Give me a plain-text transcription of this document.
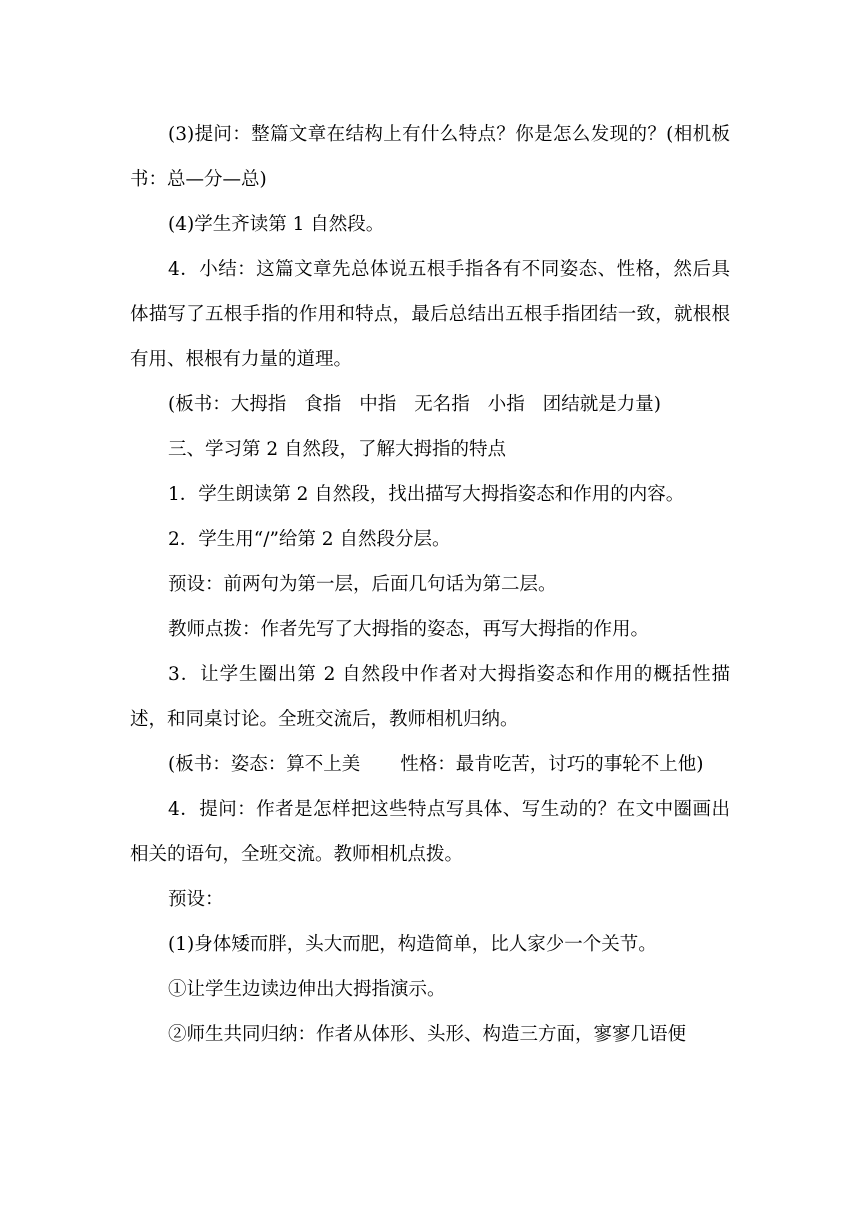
(3)提问：整篇文章在结构上有什么特点？你是怎么发现的？(相机板书：总—分—总)

(4)学生齐读第 1 自然段。

4．小结：这篇文章先总体说五根手指各有不同姿态、性格，然后具体描写了五根手指的作用和特点，最后总结出五根手指团结一致，就根根有用、根根有力量的道理。

(板书：大拇指 食指 中指 无名指 小指 团结就是力量)

三、学习第 2 自然段，了解大拇指的特点

1．学生朗读第 2 自然段，找出描写大拇指姿态和作用的内容。

2．学生用“/”给第 2 自然段分层。

预设：前两句为第一层，后面几句话为第二层。

教师点拨：作者先写了大拇指的姿态，再写大拇指的作用。

3．让学生圈出第 2 自然段中作者对大拇指姿态和作用的概括性描述，和同桌讨论。全班交流后，教师相机归纳。

(板书：姿态：算不上美 性格：最肯吃苦，讨巧的事轮不上他)

4．提问：作者是怎样把这些特点写具体、写生动的？在文中圈画出相关的语句，全班交流。教师相机点拨。

预设：

(1)身体矮而胖，头大而肥，构造简单，比人家少一个关节。

①让学生边读边伸出大拇指演示。

②师生共同归纳：作者从体形、头形、构造三方面，寥寥几语便
